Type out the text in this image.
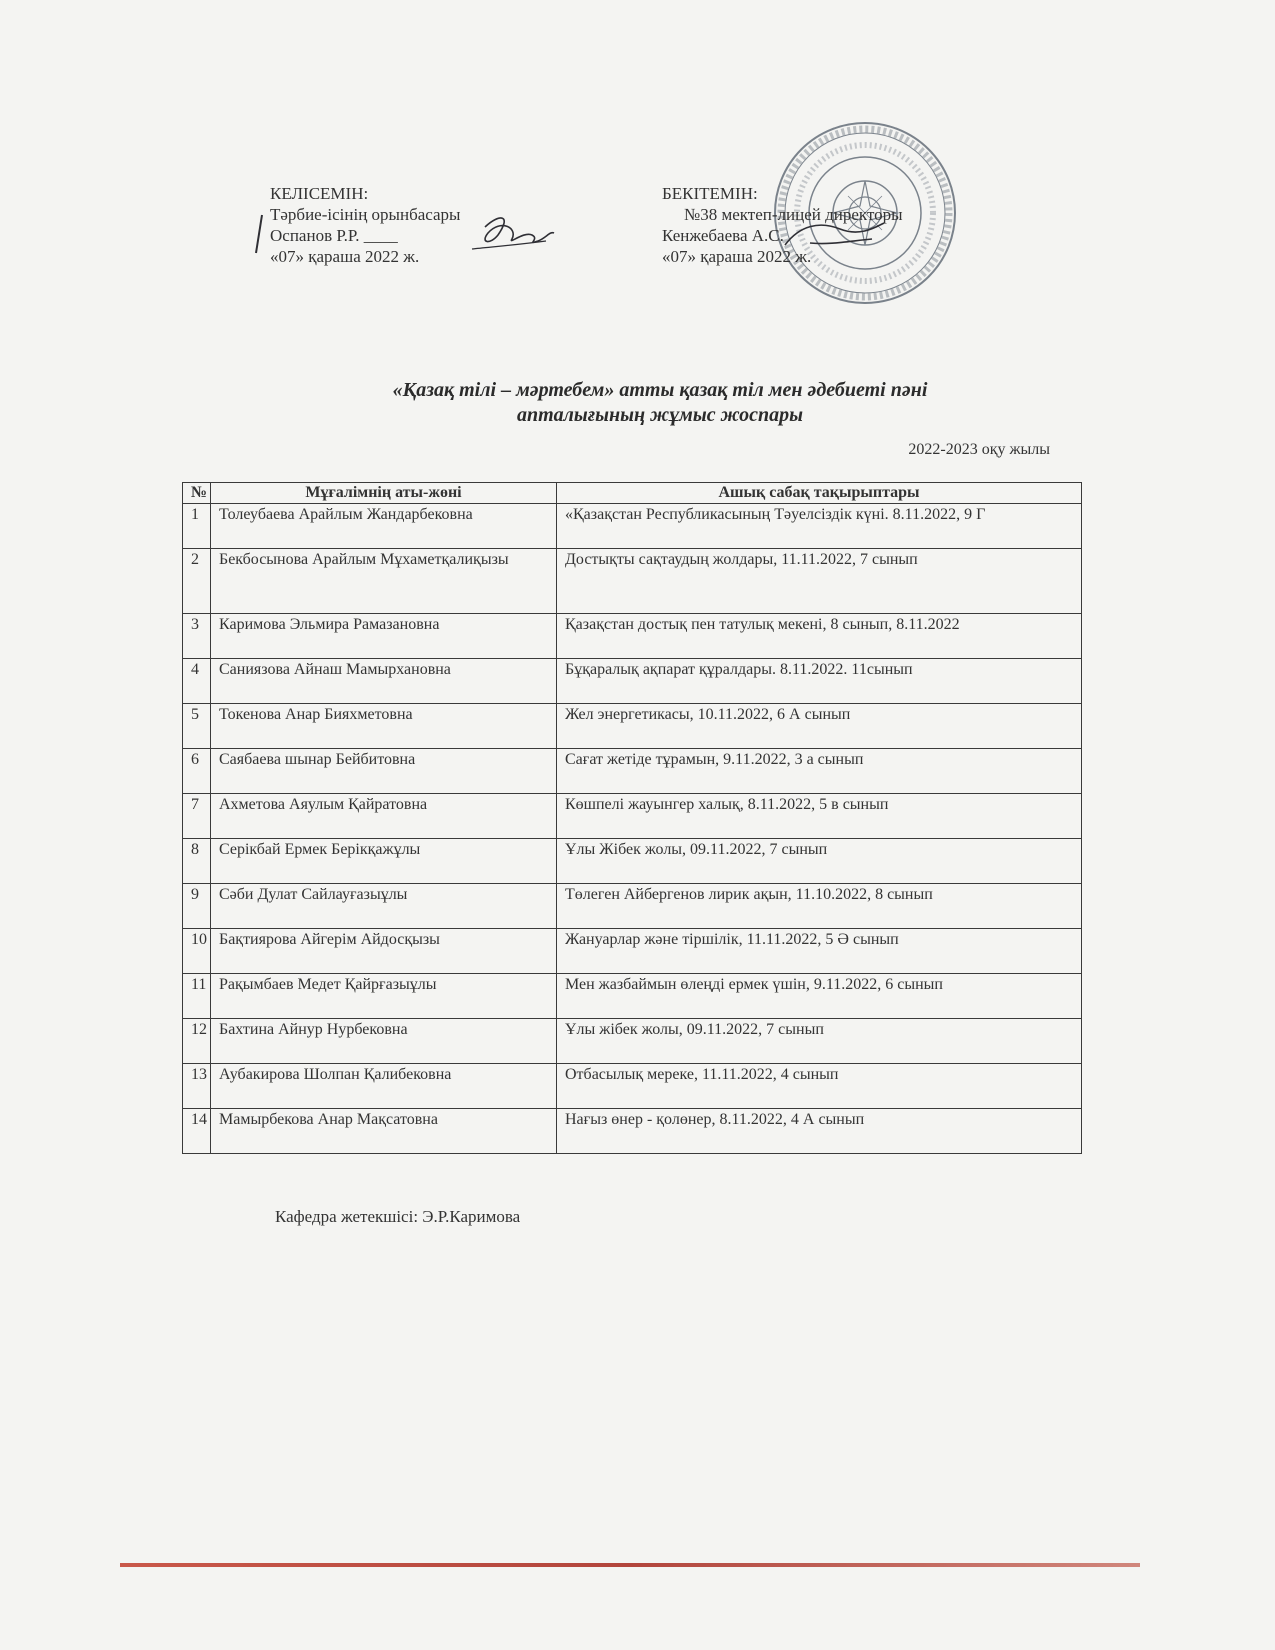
КЕЛІСЕМІН:
Тәрбие-ісінің орынбасары
Оспанов Р.Р. ____
«07» қараша 2022 ж.
БЕКІТЕМІН:
№38 мектеп-лицей директоры
Кенжебаева А.С.
«07» қараша 2022 ж.
«Қазақ тілі – мәртебем» атты қазақ тіл мен әдебиеті пәні
апталығының жұмыс жоспары
2022-2023 оқу жылы
№	Мұғалімнің аты-жөні	Ашық сабақ тақырыптары
1	Толеубаева Арайлым Жандарбековна	«Қазақстан Республикасының Тәуелсіздік күні. 8.11.2022, 9 Г
2	Бекбосынова Арайлым Мұхаметқалиқызы	Достықты сақтаудың жолдары, 11.11.2022, 7 сынып
3	Каримова Эльмира Рамазановна	Қазақстан достық пен татулық мекені, 8 сынып, 8.11.2022
4	Саниязова Айнаш Мамырхановна	Бұқаралық ақпарат құралдары. 8.11.2022. 11сынып
5	Токенова Анар Бияхметовна	Жел энергетикасы, 10.11.2022, 6 А сынып
6	Саябаева шынар Бейбитовна	Сағат жетіде тұрамын, 9.11.2022, 3 а сынып
7	Ахметова Аяулым Қайратовна	Көшпелі жауынгер халық, 8.11.2022, 5 в сынып
8	Серікбай Ермек Берікқажұлы	Ұлы Жібек жолы, 09.11.2022, 7 сынып
9	Сәби Дулат Сайлауғазыұлы	Төлеген Айбергенов лирик ақын, 11.10.2022, 8 сынып
10	Бақтиярова Айгерім Айдосқызы	Жануарлар және тіршілік, 11.11.2022, 5 Ә сынып
11	Рақымбаев Медет Қайрғазыұлы	Мен жазбаймын өлеңді ермек үшін, 9.11.2022, 6 сынып
12	Бахтина Айнур Нурбековна	Ұлы жібек жолы, 09.11.2022, 7 сынып
13	Аубакирова Шолпан Қалибековна	Отбасылық мереке, 11.11.2022, 4 сынып
14	Мамырбекова Анар Мақсатовна	Нағыз өнер - қолөнер, 8.11.2022, 4 А сынып
Кафедра жетекшісі: Э.Р.Каримова
